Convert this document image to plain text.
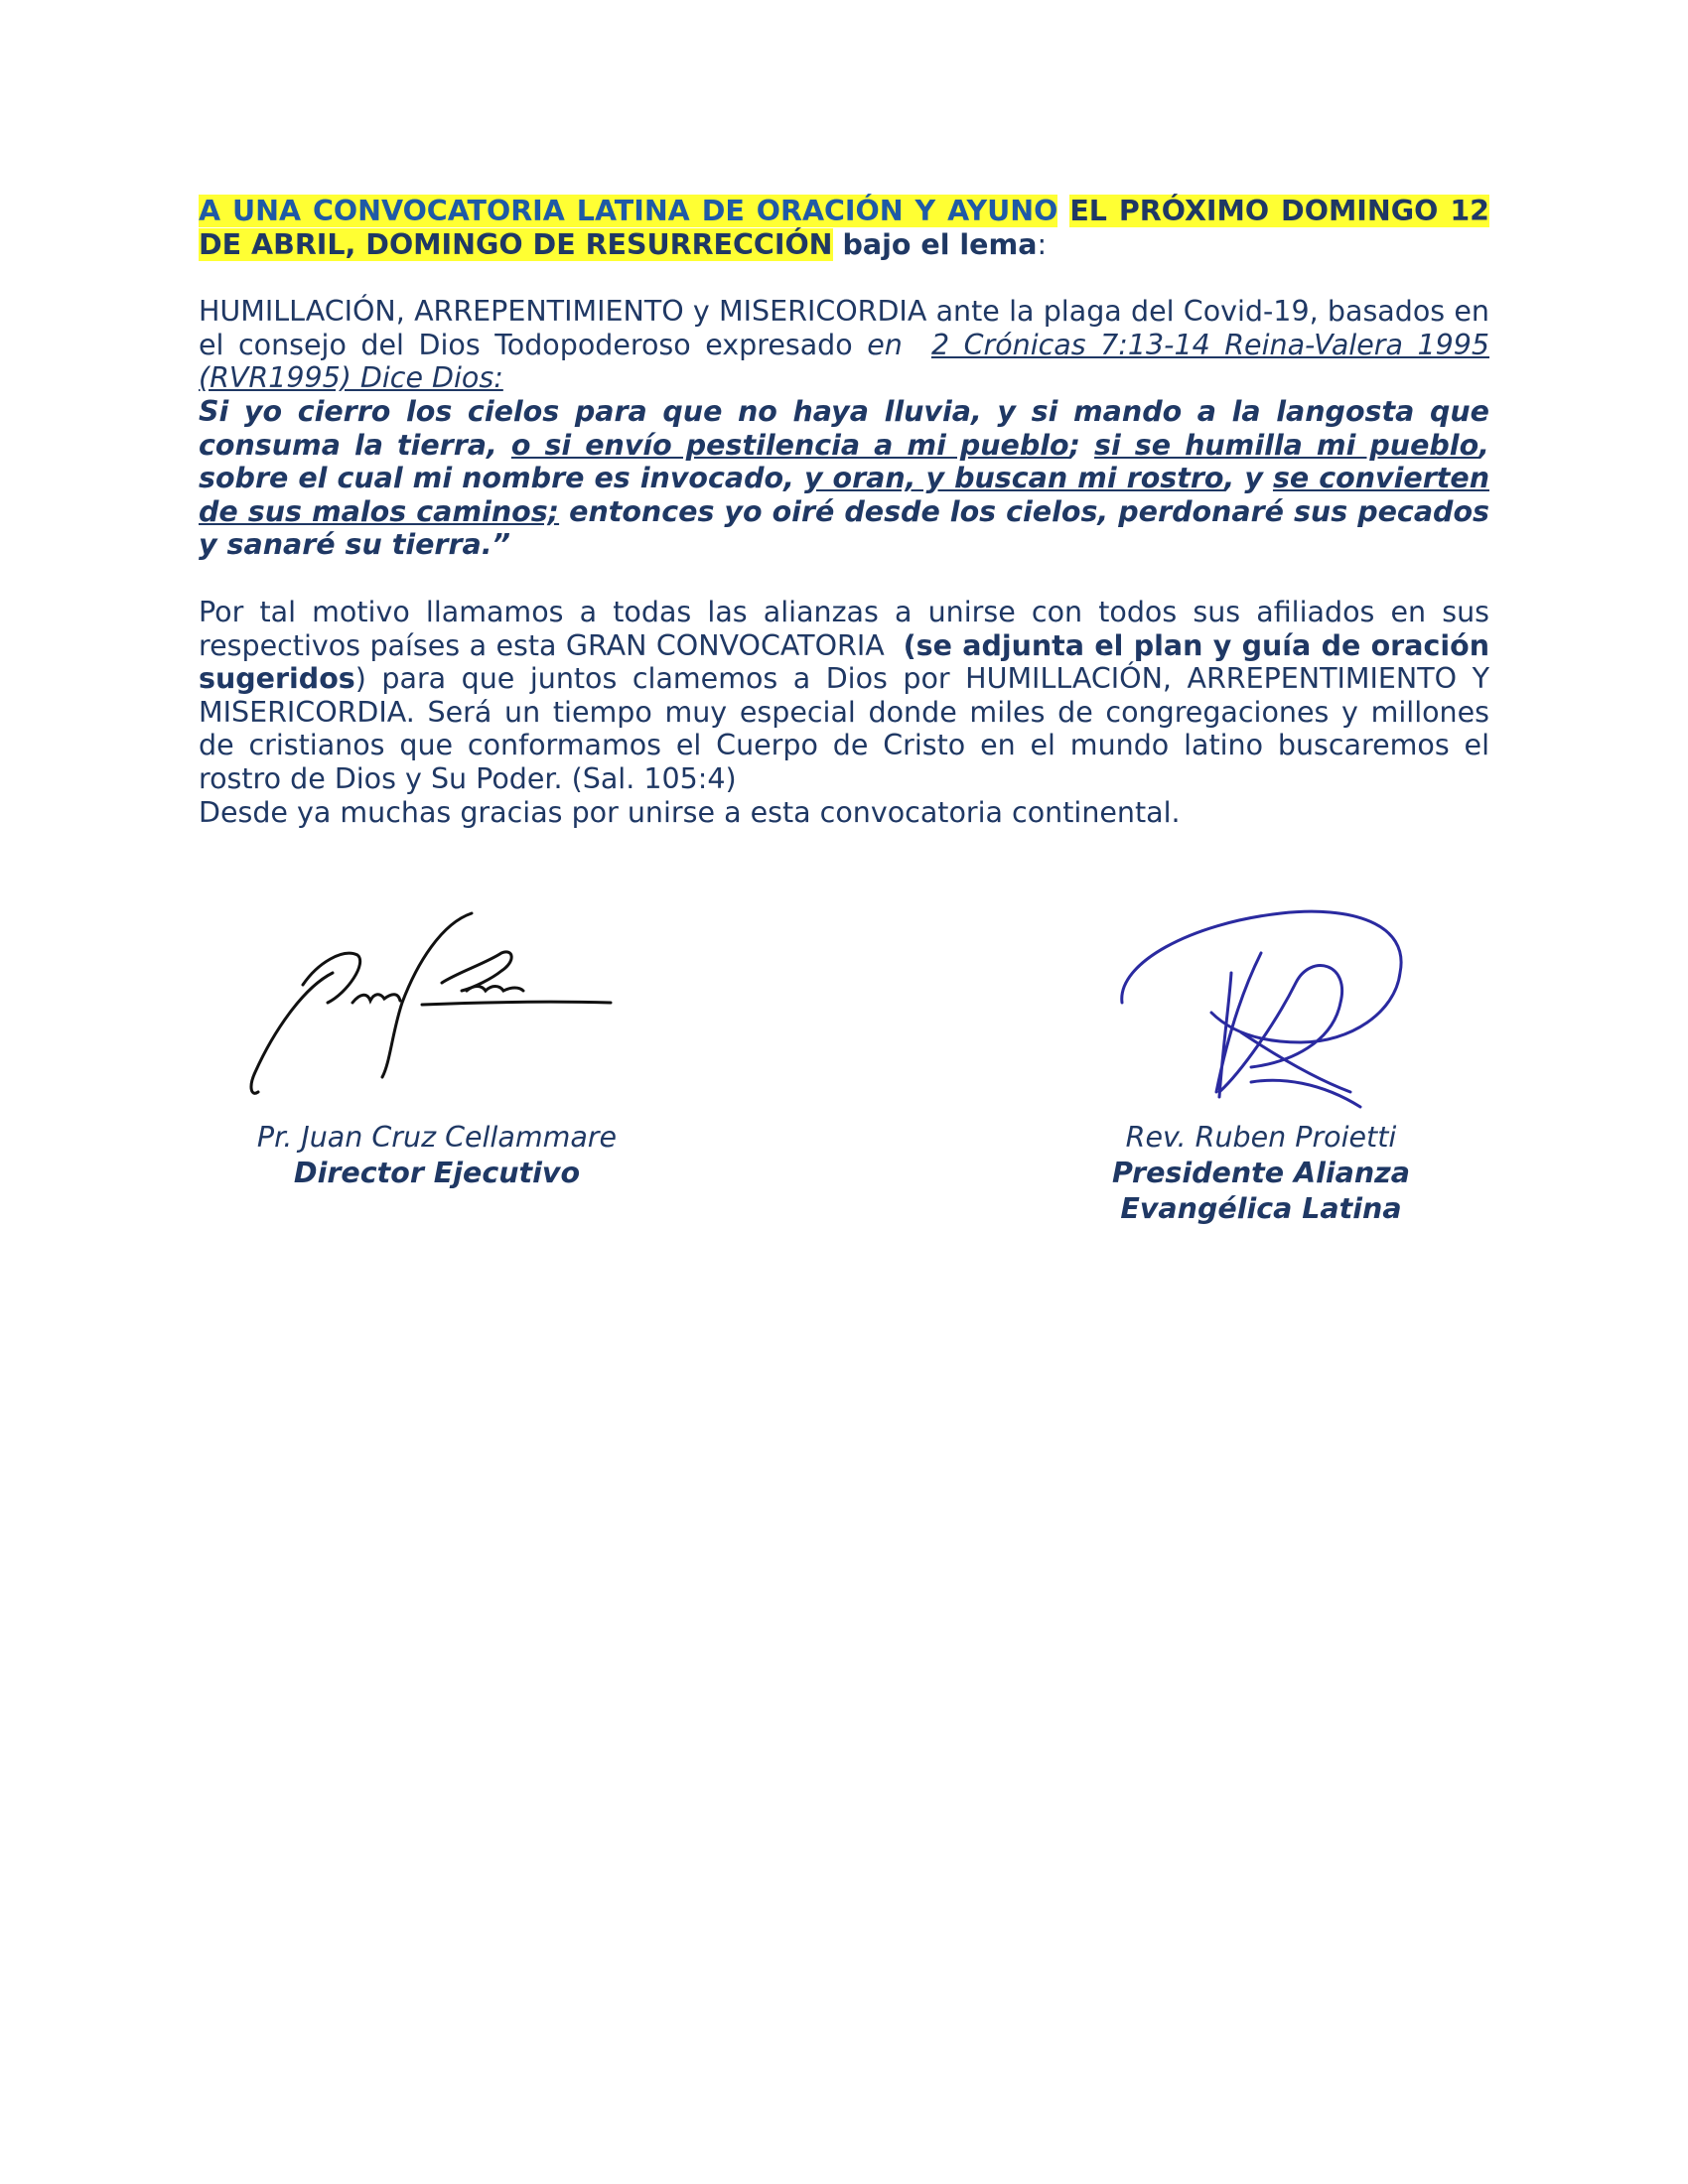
A UNA CONVOCATORIA LATINA DE ORACIÓN Y AYUNO EL PRÓXIMO DOMINGO 12 DE ABRIL, DOMINGO DE RESURRECCIÓN bajo el lema:

HUMILLACIÓN, ARREPENTIMIENTO y MISERICORDIA ante la plaga del Covid-19, basados en el consejo del Dios Todopoderoso expresado en 2 Crónicas 7:13-14 Reina-Valera 1995 (RVR1995) Dice Dios:

Si yo cierro los cielos para que no haya lluvia, y si mando a la langosta que consuma la tierra, o si envío pestilencia a mi pueblo; si se humilla mi pueblo, sobre el cual mi nombre es invocado, y oran, y buscan mi rostro, y se convierten de sus malos caminos; entonces yo oiré desde los cielos, perdonaré sus pecados y sanaré su tierra.”

Por tal motivo llamamos a todas las alianzas a unirse con todos sus afiliados en sus respectivos países a esta GRAN CONVOCATORIA (se adjunta el plan y guía de oración sugeridos) para que juntos clamemos a Dios por HUMILLACIÓN, ARREPENTIMIENTO Y MISERICORDIA. Será un tiempo muy especial donde miles de congregaciones y millones de cristianos que conformamos el Cuerpo de Cristo en el mundo latino buscaremos el rostro de Dios y Su Poder. (Sal. 105:4)

Desde ya muchas gracias por unirse a esta convocatoria continental.

Pr. Juan Cruz Cellammare
Director Ejecutivo
Rev. Ruben Proietti
Presidente Alianza Evangélica Latina
